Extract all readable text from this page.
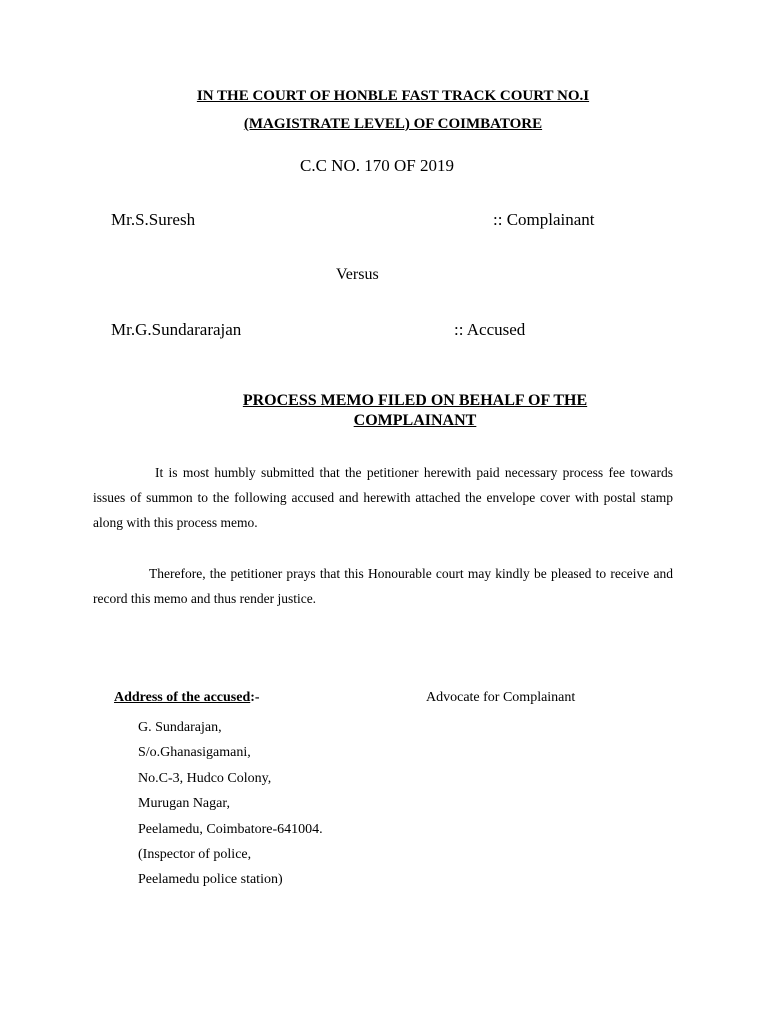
IN THE COURT OF HONBLE FAST TRACK COURT NO.I
(MAGISTRATE LEVEL) OF COIMBATORE
C.C NO. 170 OF 2019
Mr.S.Suresh	:: Complainant
Versus
Mr.G.Sundararajan	:: Accused
PROCESS MEMO FILED ON BEHALF OF THE
COMPLAINANT

It is most humbly submitted that the petitioner herewith paid necessary process fee towards issues of summon to the following accused and herewith attached the envelope cover with postal stamp along with this process memo.

Therefore, the petitioner prays that this Honourable court may kindly be pleased to receive and record this memo and thus render justice.

Address of the accused:-	Advocate for Complainant
G. Sundarajan,
S/o.Ghanasigamani,
No.C-3, Hudco Colony,
Murugan Nagar,
Peelamedu, Coimbatore-641004.
(Inspector of police,
Peelamedu police station)
